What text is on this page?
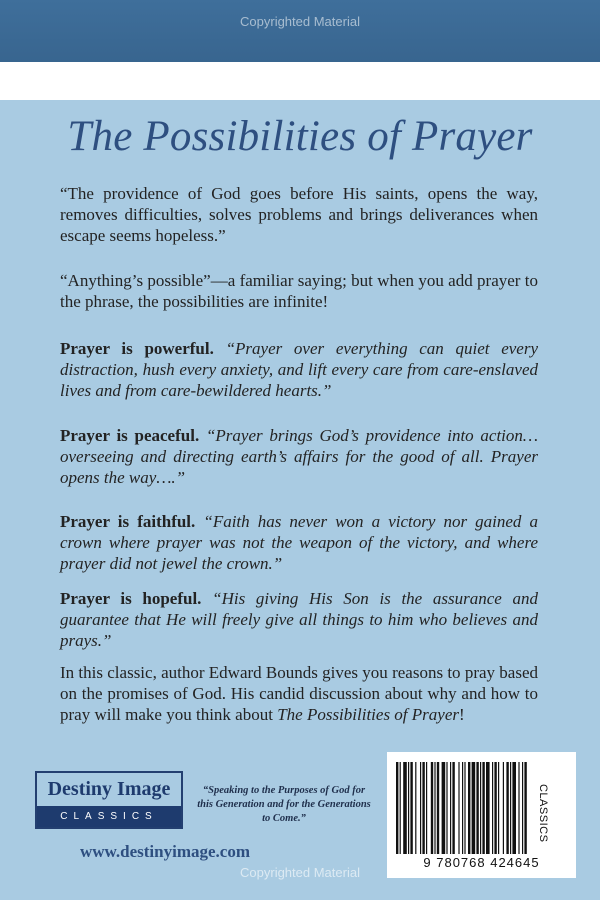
Copyrighted Material
The Possibilities of Prayer
“The providence of God goes before His saints, opens the way, removes difficulties, solves problems and brings deliverances when escape seems hopeless.”
“Anything’s possible”—a familiar saying; but when you add prayer to the phrase, the possibilities are infinite!
Prayer is powerful. “Prayer over everything can quiet every distraction, hush every anxiety, and lift every care from care-enslaved lives and from care-bewildered hearts.”
Prayer is peaceful. “Prayer brings God’s providence into action…overseeing and directing earth’s affairs for the good of all. Prayer opens the way….”
Prayer is faithful. “Faith has never won a victory nor gained a crown where prayer was not the weapon of the victory, and where prayer did not jewel the crown.”
Prayer is hopeful. “His giving His Son is the assurance and guarantee that He will freely give all things to him who believes and prays.”
In this classic, author Edward Bounds gives you reasons to pray based on the promises of God. His candid discussion about why and how to pray will make you think about The Possibilities of Prayer!
Destiny Image
CLASSICS
“Speaking to the Purposes of God for this Generation and for the Generations to Come.”
www.destinyimage.com
9 780768 424645
CLASSICS
Copyrighted Material
